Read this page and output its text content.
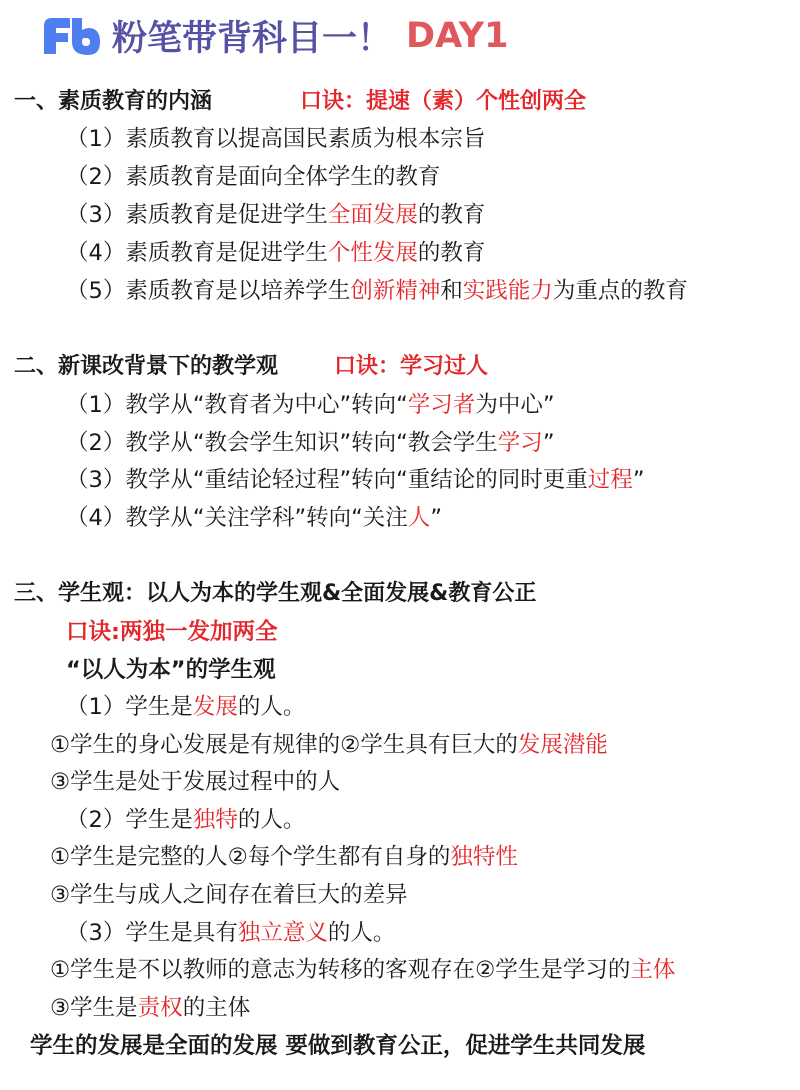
粉笔带背科目一！ DAY1
一、素质教育的内涵	口诀：提速（素）个性创两全
（1）素质教育以提高国民素质为根本宗旨
（2）素质教育是面向全体学生的教育
（3）素质教育是促进学生全面发展的教育
（4）素质教育是促进学生个性发展的教育
（5）素质教育是以培养学生创新精神和实践能力为重点的教育
二、新课改背景下的教学观	口诀：学习过人
（1）教学从“教育者为中心”转向“学习者为中心”
（2）教学从“教会学生知识”转向“教会学生学习”
（3）教学从“重结论轻过程”转向“重结论的同时更重过程”
（4）教学从“关注学科”转向“关注人”
三、学生观：以人为本的学生观&全面发展&教育公正
口诀:两独一发加两全
“以人为本”的学生观
（1）学生是发展的人。
①学生的身心发展是有规律的②学生具有巨大的发展潜能
③学生是处于发展过程中的人
（2）学生是独特的人。
①学生是完整的人②每个学生都有自身的独特性
③学生与成人之间存在着巨大的差异
（3）学生是具有独立意义的人。
①学生是不以教师的意志为转移的客观存在②学生是学习的主体
③学生是责权的主体
学生的发展是全面的发展 要做到教育公正，促进学生共同发展
